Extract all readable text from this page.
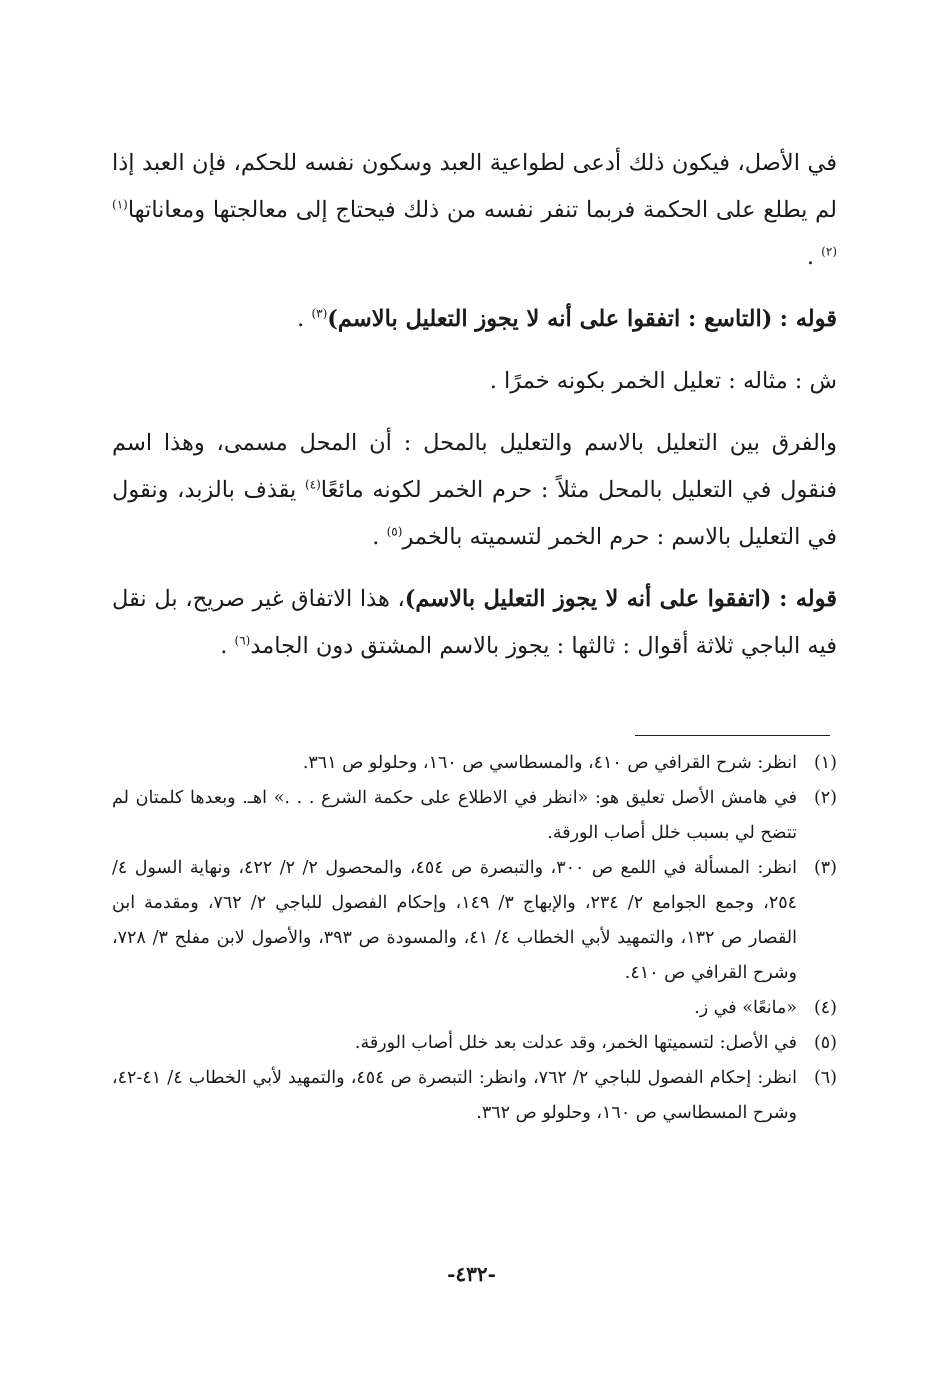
في الأصل، فيكون ذلك أدعى لطواعية العبد وسكون نفسه للحكم، فإن العبد إذا لم يطلع على الحكمة فربما تنفر نفسه من ذلك فيحتاج إلى معالجتها ومعاناتها$^{(١) (٢)}$ .

قوله : (التاسع : اتفقوا على أنه لا يجوز التعليل بالاسم)$^{(٣)}$ .

ش : مثاله : تعليل الخمر بكونه خمرًا .

والفرق بين التعليل بالاسم والتعليل بالمحل : أن المحل مسمى، وهذا اسم فنقول في التعليل بالمحل مثلاً : حرم الخمر لكونه مائعًا$^{(٤)}$ يقذف بالزبد، ونقول في التعليل بالاسم : حرم الخمر لتسميته بالخمر$^{(٥)}$ .

قوله : (اتفقوا على أنه لا يجوز التعليل بالاسم)، هذا الاتفاق غير صريح، بل نقل فيه الباجي ثلاثة أقوال : ثالثها : يجوز بالاسم المشتق دون الجامد$^{(٦)}$ .

(١)
انظر: شرح القرافي ص ٤١٠، والمسطاسي ص ١٦٠، وحلولو ص ٣٦١.
(٢)
في هامش الأصل تعليق هو: «انظر في الاطلاع على حكمة الشرع . . .» اهـ. وبعدها كلمتان لم تتضح لي بسبب خلل أصاب الورقة.
(٣)
انظر: المسألة في اللمع ص ٣٠٠، والتبصرة ص ٤٥٤، والمحصول ٢/ ٢/ ٤٢٢، ونهاية السول ٤/ ٢٥٤، وجمع الجوامع ٢/ ٢٣٤، والإبهاج ٣/ ١٤٩، وإحكام الفصول للباجي ٢/ ٧٦٢، ومقدمة ابن القصار ص ١٣٢، والتمهيد لأبي الخطاب ٤/ ٤١، والمسودة ص ٣٩٣، والأصول لابن مفلح ٣/ ٧٢٨، وشرح القرافي ص ٤١٠.
(٤)
«مانعًا» في ز.
(٥)
في الأصل: لتسميتها الخمر، وقد عدلت بعد خلل أصاب الورقة.
(٦)
انظر: إحكام الفصول للباجي ٢/ ٧٦٢، وانظر: التبصرة ص ٤٥٤، والتمهيد لأبي الخطاب ٤/ ٤١-٤٢، وشرح المسطاسي ص ١٦٠، وحلولو ص ٣٦٢.
-٤٣٢-
